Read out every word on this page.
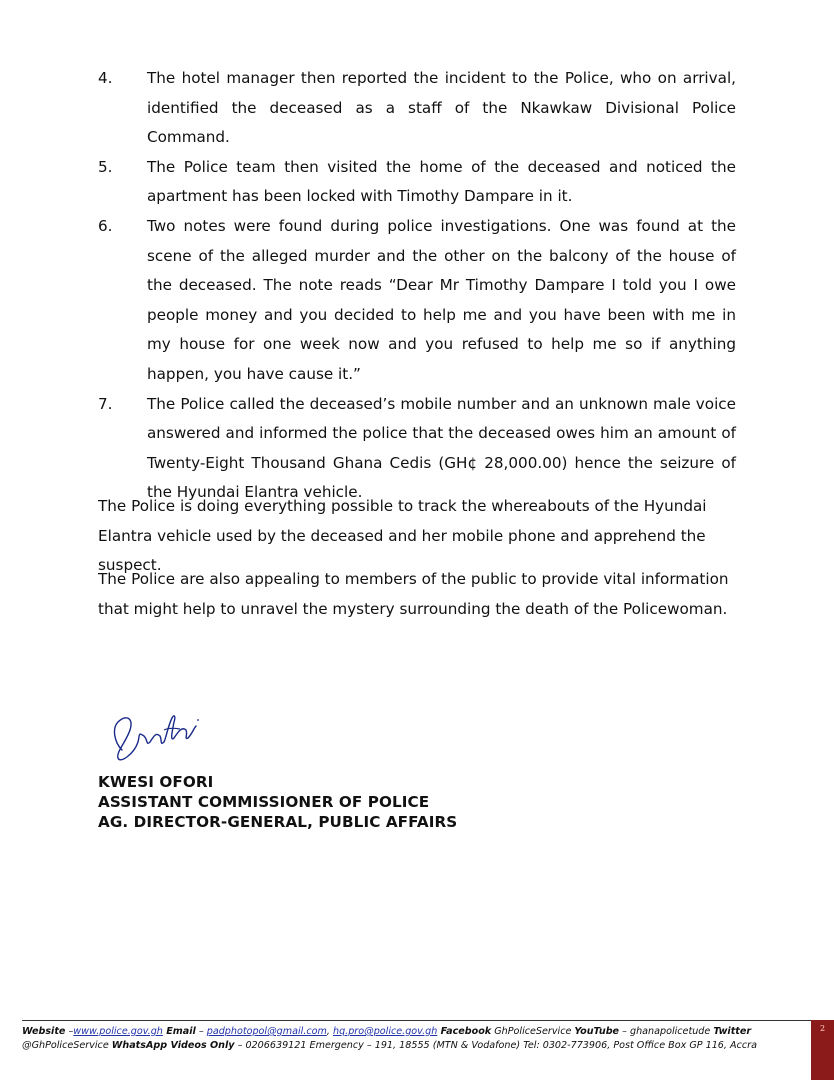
4.	The hotel manager then reported the incident to the Police, who on arrival, identified the deceased as a staff of the Nkawkaw Divisional Police Command.
5.	The Police team then visited the home of the deceased and noticed the apartment has been locked with Timothy Dampare in it.
6.	Two notes were found during police investigations. One was found at the scene of the alleged murder and the other on the balcony of the house of the deceased. The note reads “Dear Mr Timothy Dampare I told you I owe people money and you decided to help me and you have been with me in my house for one week now and you refused to help me so if anything happen, you have cause it.”
7.	The Police called the deceased’s mobile number and an unknown male voice answered and informed the police that the deceased owes him an amount of Twenty-Eight Thousand Ghana Cedis (GH¢ 28,000.00) hence the seizure of the Hyundai Elantra vehicle.
The Police is doing everything possible to track the whereabouts of the Hyundai Elantra vehicle used by the deceased and her mobile phone and apprehend the suspect.
The Police are also appealing to members of the public to provide vital information that might help to unravel the mystery surrounding the death of the Policewoman.
KWESI OFORI
ASSISTANT COMMISSIONER OF POLICE
AG. DIRECTOR-GENERAL, PUBLIC AFFAIRS
Website –www.police.gov.gh Email – padphotopol@gmail.com, hq.pro@police.gov.gh Facebook GhPoliceService YouTube – ghanapolicetude Twitter
@GhPoliceService WhatsApp Videos Only – 0206639121 Emergency – 191, 18555 (MTN & Vodafone) Tel: 0302-773906, Post Office Box GP 116, Accra
2
